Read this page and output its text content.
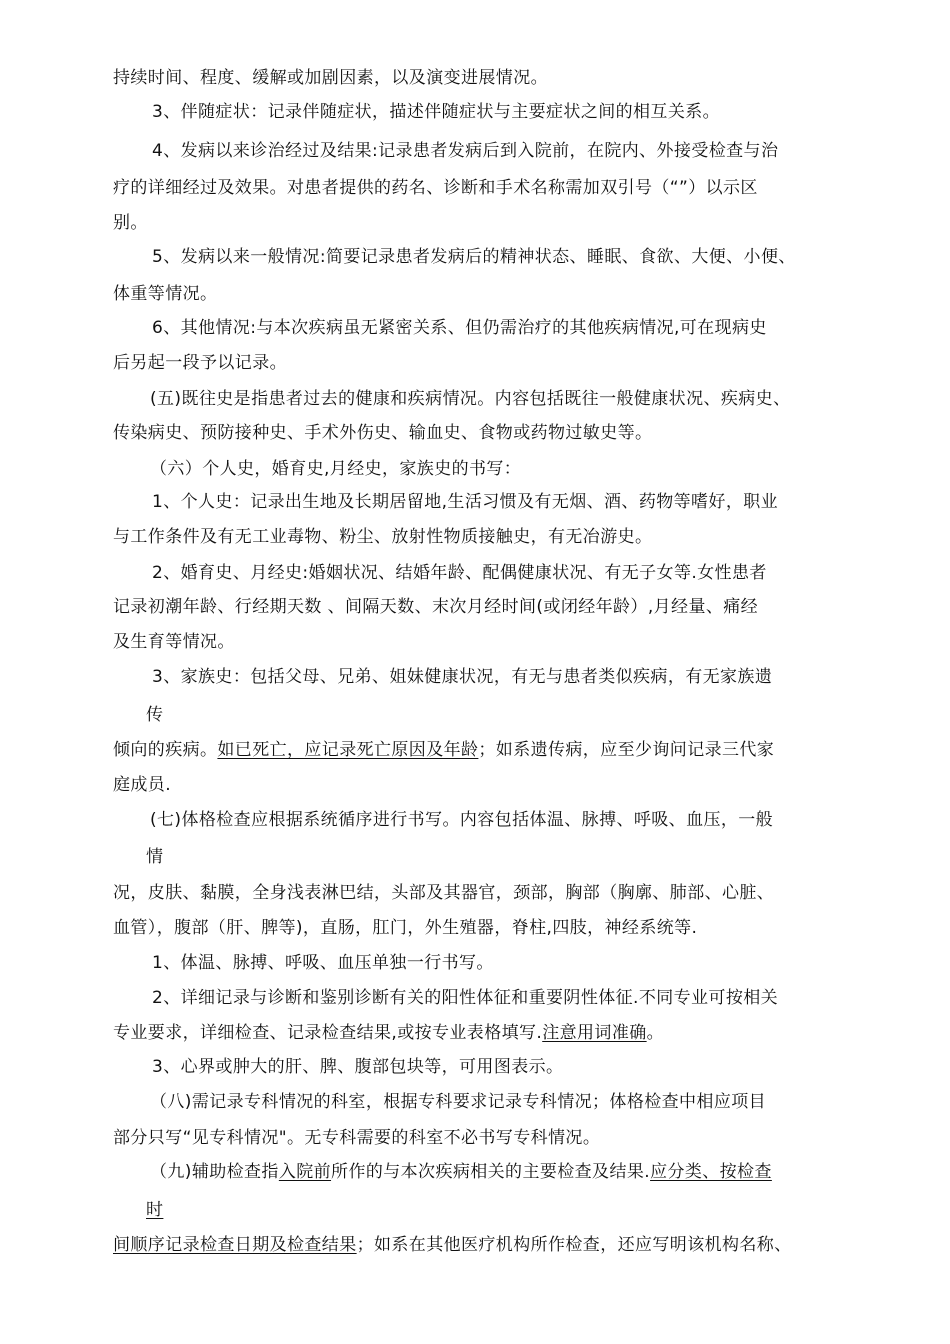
持续时间、程度、缓解或加剧因素，以及演变进展情况。
3、伴随症状：记录伴随症状，描述伴随症状与主要症状之间的相互关系。
4、发病以来诊治经过及结果:记录患者发病后到入院前，在院内、外接受检查与治
疗的详细经过及效果。对患者提供的药名、诊断和手术名称需加双引号（“”）以示区
别。
5、发病以来一般情况:简要记录患者发病后的精神状态、睡眠、食欲、大便、小便、
体重等情况。
6、其他情况:与本次疾病虽无紧密关系、但仍需治疗的其他疾病情况,可在现病史
后另起一段予以记录。
(五)既往史是指患者过去的健康和疾病情况。内容包括既往一般健康状况、疾病史、
传染病史、预防接种史、手术外伤史、输血史、食物或药物过敏史等。
（六）个人史，婚育史,月经史，家族史的书写：
1、个人史：记录出生地及长期居留地,生活习惯及有无烟、酒、药物等嗜好，职业
与工作条件及有无工业毒物、粉尘、放射性物质接触史，有无冶游史。
2、婚育史、月经史:婚姻状况、结婚年龄、配偶健康状况、有无子女等.女性患者
记录初潮年龄、行经期天数 、间隔天数、末次月经时间(或闭经年龄）,月经量、痛经
及生育等情况。
3、家族史：包括父母、兄弟、姐妹健康状况，有无与患者类似疾病，有无家族遗
传
倾向的疾病。如已死亡，应记录死亡原因及年龄；如系遗传病，应至少询问记录三代家
庭成员.
(七)体格检查应根据系统循序进行书写。内容包括体温、脉搏、呼吸、血压，一般
情
况，皮肤、黏膜，全身浅表淋巴结，头部及其器官，颈部，胸部（胸廓、肺部、心脏、
血管），腹部（肝、脾等)，直肠，肛门，外生殖器，脊柱,四肢，神经系统等.
1、体温、脉搏、呼吸、血压单独一行书写。
2、详细记录与诊断和鉴别诊断有关的阳性体征和重要阴性体征.不同专业可按相关
专业要求，详细检查、记录检查结果,或按专业表格填写.注意用词准确。
3、心界或肿大的肝、脾、腹部包块等，可用图表示。
（八)需记录专科情况的科室，根据专科要求记录专科情况；体格检查中相应项目
部分只写“见专科情况"。无专科需要的科室不必书写专科情况。
（九)辅助检查指入院前所作的与本次疾病相关的主要检查及结果.应分类、按检查
时
间顺序记录检查日期及检查结果；如系在其他医疗机构所作检查，还应写明该机构名称、
